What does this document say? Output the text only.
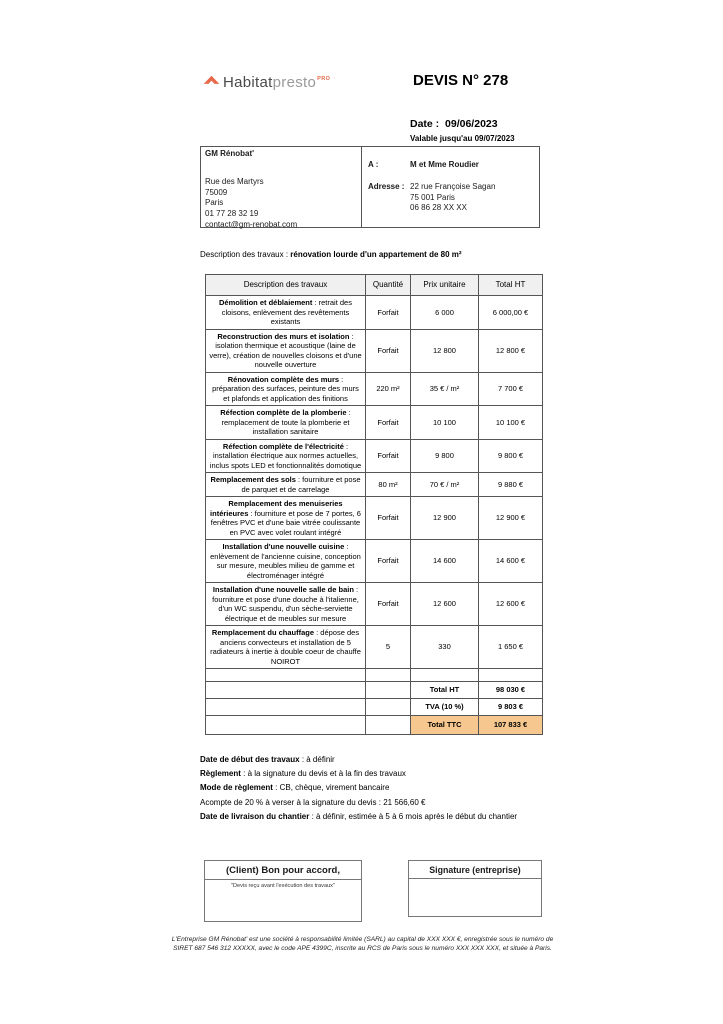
Habitatpresto PRO	DEVIS N° 278
Date : 09/06/2023
Valable jusqu'au 09/07/2023
GM Rénobat'
Rue des Martyrs
75009
Paris
01 77 28 32 19
contact@gm-renobat.com
A :	M et Mme Roudier
Adresse : 22 rue Françoise Sagan
75 001 Paris
06 86 28 XX XX
Description des travaux : rénovation lourde d'un appartement de 80 m²
Description des travaux	Quantité	Prix unitaire	Total HT
Démolition et déblaiement : retrait des cloisons, enlèvement des revêtements existants	Forfait	6 000	6 000,00 €
Reconstruction des murs et isolation : isolation thermique et acoustique (laine de verre), création de nouvelles cloisons et d'une nouvelle ouverture	Forfait	12 800	12 800 €
Rénovation complète des murs : préparation des surfaces, peinture des murs et plafonds et application des finitions	220 m²	35 € / m²	7 700 €
Réfection complète de la plomberie : remplacement de toute la plomberie et installation sanitaire	Forfait	10 100	10 100 €
Réfection complète de l'électricité : installation électrique aux normes actuelles, inclus spots LED et fonctionnalités domotique	Forfait	9 800	9 800 €
Remplacement des sols : fourniture et pose de parquet et de carrelage	80 m²	70 € / m²	9 880 €
Remplacement des menuiseries intérieures : fourniture et pose de 7 portes, 6 fenêtres PVC et d'une baie vitrée coulissante en PVC avec volet roulant intégré	Forfait	12 900	12 900 €
Installation d'une nouvelle cuisine : enlèvement de l'ancienne cuisine, conception sur mesure, meubles milieu de gamme et électroménager intégré	Forfait	14 600	14 600 €
Installation d'une nouvelle salle de bain : fourniture et pose d'une douche à l'italienne, d'un WC suspendu, d'un sèche-serviette électrique et de meubles sur mesure	Forfait	12 600	12 600 €
Remplacement du chauffage : dépose des anciens convecteurs et installation de 5 radiateurs à inertie à double coeur de chauffe NOIROT	5	330	1 650 €

		Total HT	98 030 €
		TVA (10 %)	9 803 €
		Total TTC	107 833 €
Date de début des travaux : à définir
Règlement : à la signature du devis et à la fin des travaux
Mode de règlement : CB, chèque, virement bancaire
Acompte de 20 % à verser à la signature du devis : 21 566,60 €
Date de livraison du chantier : à définir, estimée à 5 à 6 mois après le début du chantier
(Client) Bon pour accord,
"Devis reçu avant l'exécution des travaux"
Signature (entreprise)
L'Entreprise GM Rénobat' est une société à responsabilité limitée (SARL) au capital de XXX XXX €, enregistrée sous le numéro de SIRET 687 546 312 XXXXX, avec le code APE 4399C, inscrite au RCS de Paris sous le numéro XXX XXX XXX, et située à Paris.
